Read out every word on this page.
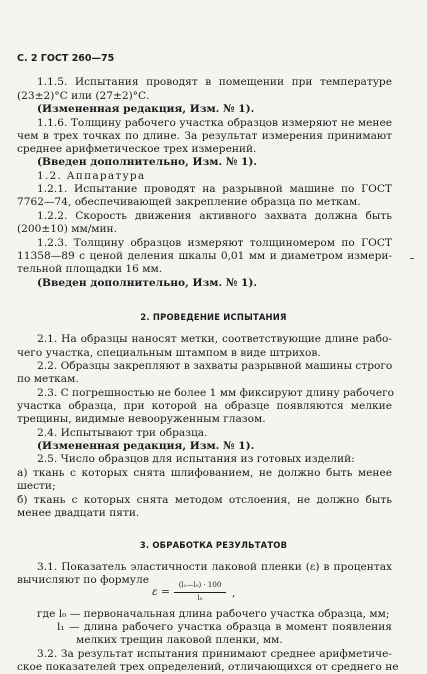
С. 2 ГОСТ 260—75
1.1.5. Испытания проводят в помещении при температуре
(23±2)°С или (27±2)°С.
(Измененная редакция, Изм. № 1).
1.1.6. Толщину рабочего участка образцов измеряют не менее
чем в трех точках по длине. За результат измерения принимают
среднее арифметическое трех измерений.
(Введен дополнительно, Изм. № 1).
1.2. Аппаратура
1.2.1. Испытание проводят на разрывной машине по ГОСТ
7762—74, обеспечивающей закрепление образца по меткам.
1.2.2. Скорость движения активного захвата должна быть
(200±10) мм/мин.
1.2.3. Толщину образцов измеряют толщиномером по ГОСТ
11358—89 с ценой деления шкалы 0,01 мм и диаметром измери-
тельной площадки 16 мм.
(Введен дополнительно, Изм. № 1).
2. ПРОВЕДЕНИЕ ИСПЫТАНИЯ
2.1. На образцы наносят метки, соответствующие длине рабо-
чего участка, специальным штампом в виде штрихов.
2.2. Образцы закрепляют в захваты разрывной машины строго
по меткам.
2.3. С погрешностью не более 1 мм фиксируют длину рабочего
участка образца, при которой на образце появляются мелкие
трещины, видимые невооруженным глазом.
2.4. Испытывают три образца.
(Измененная редакция, Изм. № 1).
2.5. Число образцов для испытания из готовых изделий:
а) ткань с которых снята шлифованием, не должно быть менее
шести;
б) ткань с которых снята методом отслоения, не должно быть
менее двадцати пяти.
3. ОБРАБОТКА РЕЗУЛЬТАТОВ
3.1. Показатель эластичности лаковой пленки (ε) в процентах
вычисляют по формуле
ε =
(l₁—l₀) · 100
l₀	,
где l₀ — первоначальная длина рабочего участка образца, мм;
l₁ — длина рабочего участка образца в момент появления
мелких трещин лаковой пленки, мм.
3.2. За результат испытания принимают среднее арифметиче-
ское показателей трех определений, отличающихся от среднего не
